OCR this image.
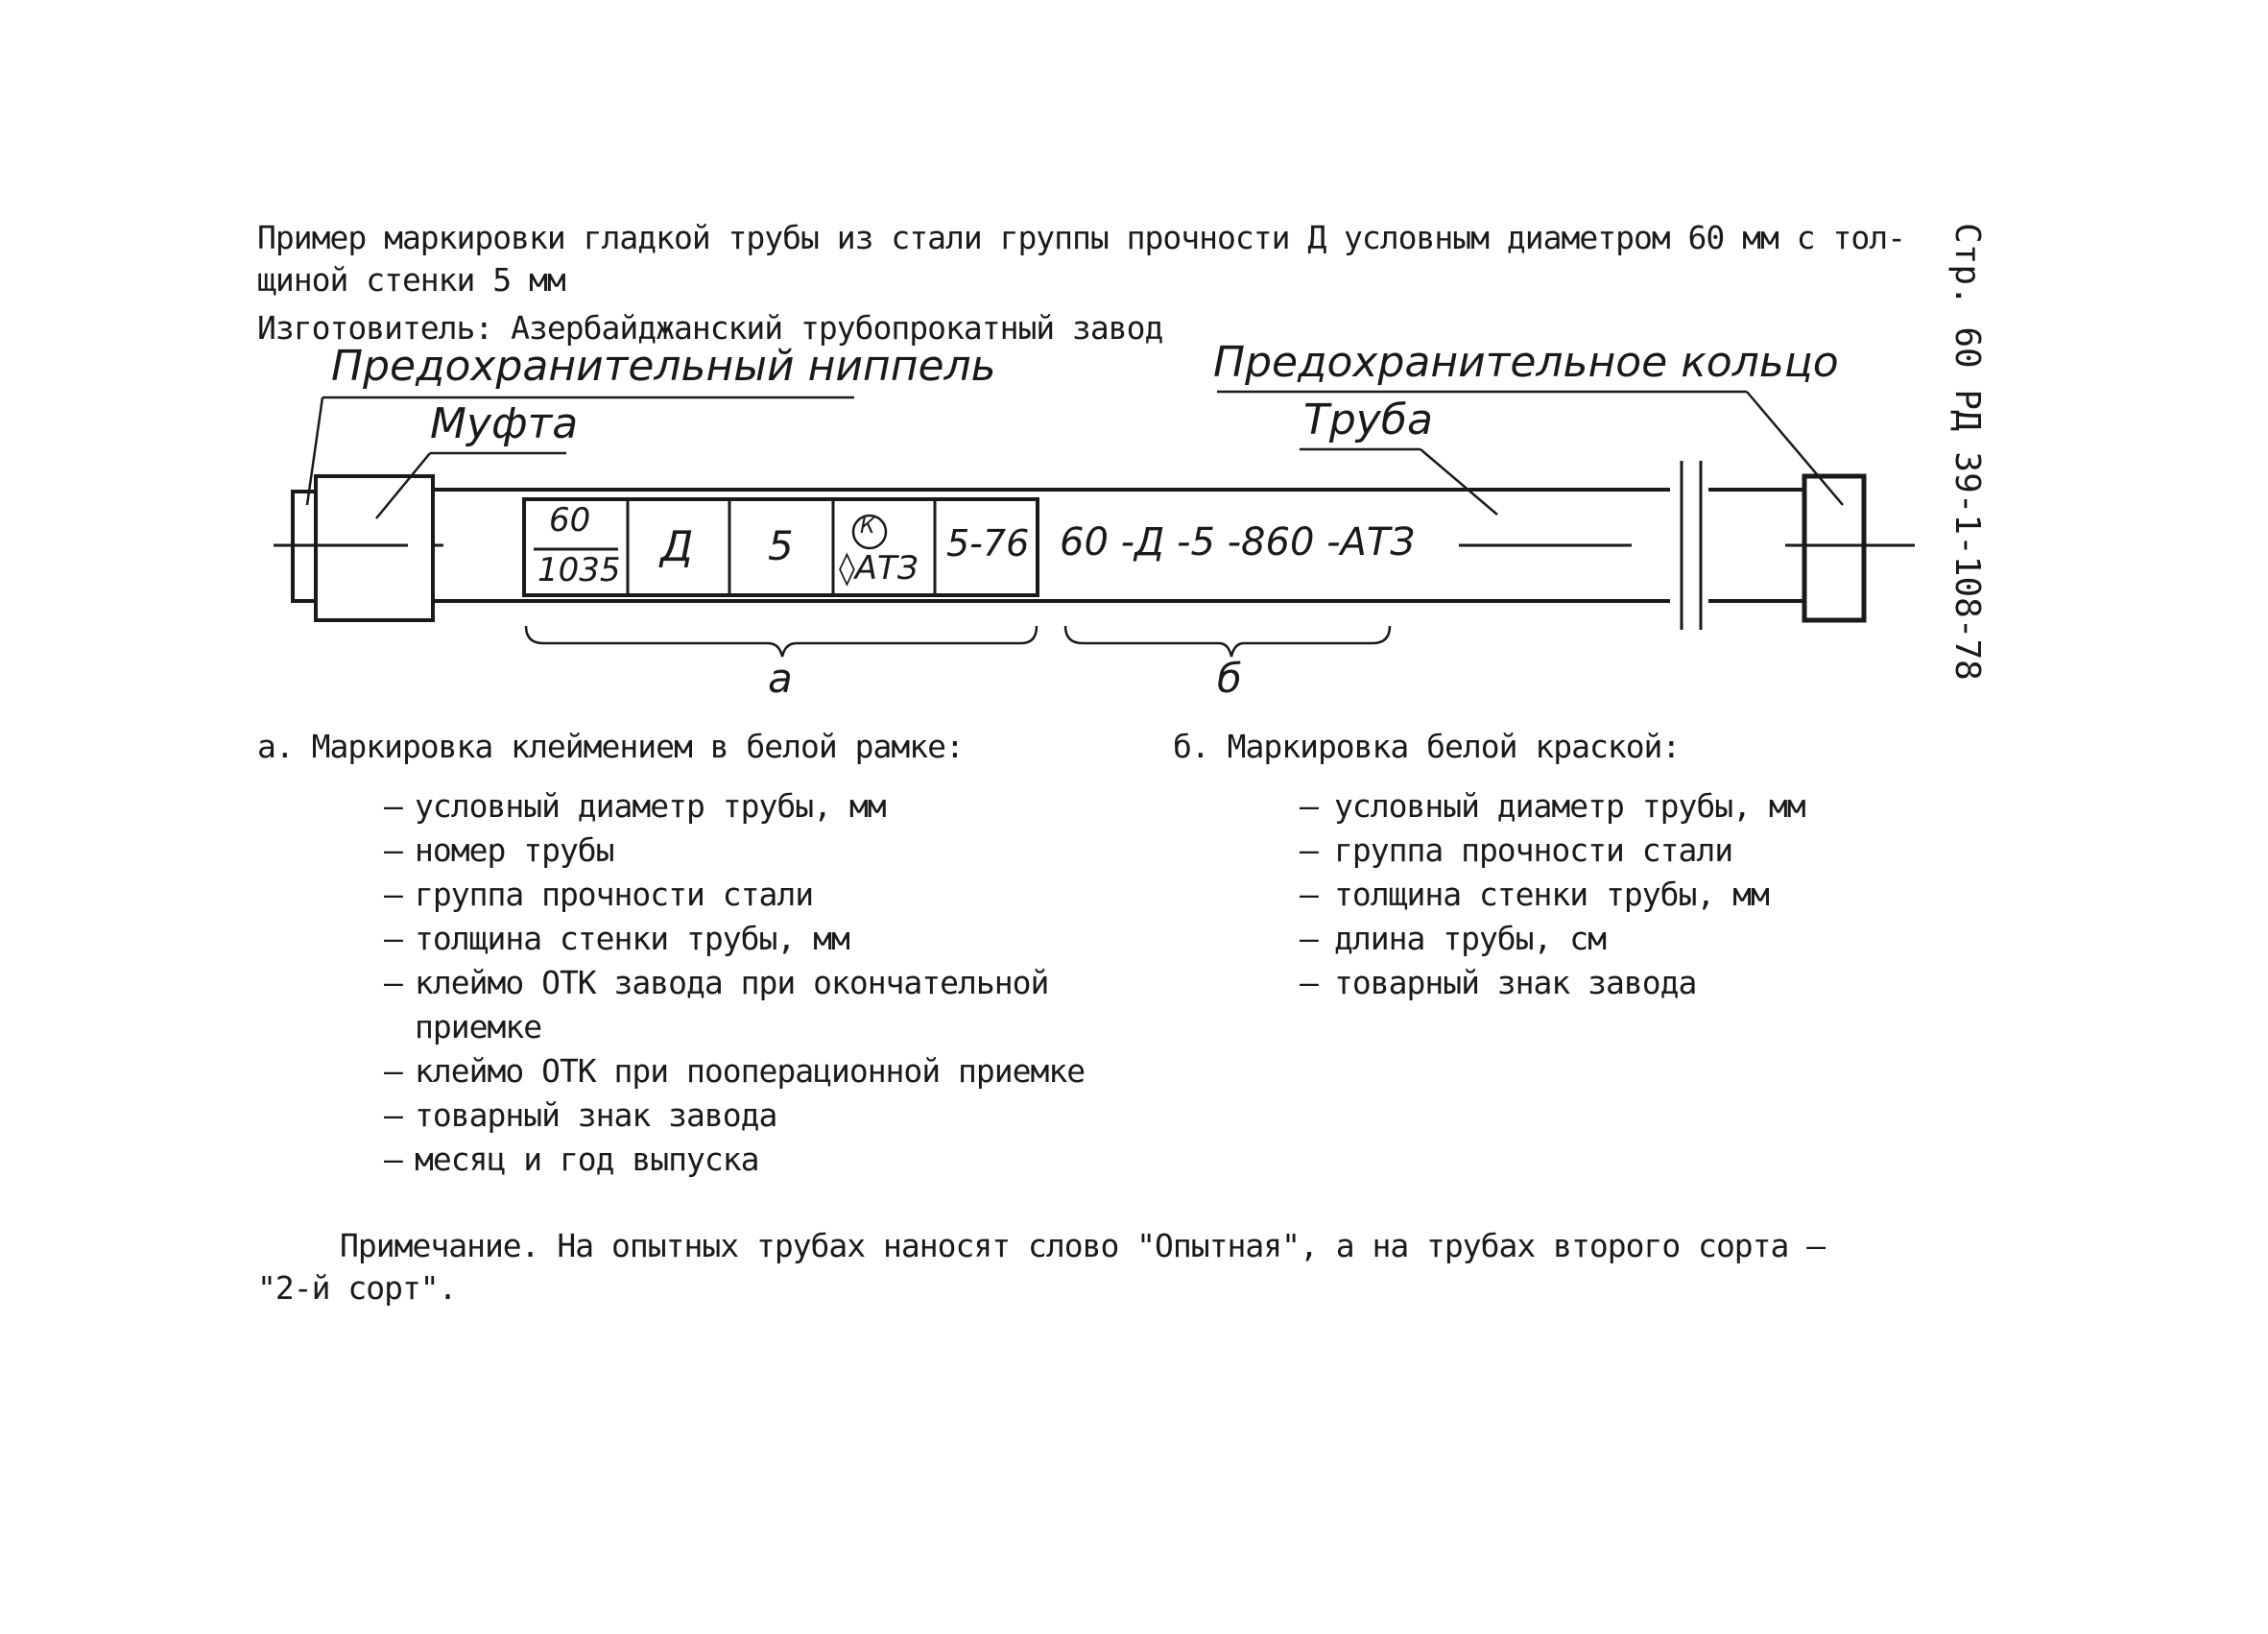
Стр. 60 РД 39-1-108-78
Пример маркировки гладкой трубы из стали группы прочности Д условным диаметром 60 мм с тол-
щиной стенки 5 мм
Изготовитель: Азербайджанский трубопрокатный завод
Предохранительный ниппель
Муфта
Предохранительное кольцо
Труба
60
1035 Д 5	К
◊АТЗ
5-76 60 -Д -5 -860 -АТЗ
а	б
а. Маркировка клеймением в белой рамке:
– условный диаметр трубы, мм
– номер трубы
– группа прочности стали
– толщина стенки трубы, мм
– клеймо ОТК завода при окончательной
приемке
– клеймо ОТК при пооперационной приемке
– товарный знак завода
– месяц и год выпуска
б. Маркировка белой краской:
– условный диаметр трубы, мм
– группа прочности стали
– толщина стенки трубы, мм
– длина трубы, см
– товарный знак завода
Примечание. На опытных трубах наносят слово "Опытная", а на трубах второго сорта –
"2-й сорт".
